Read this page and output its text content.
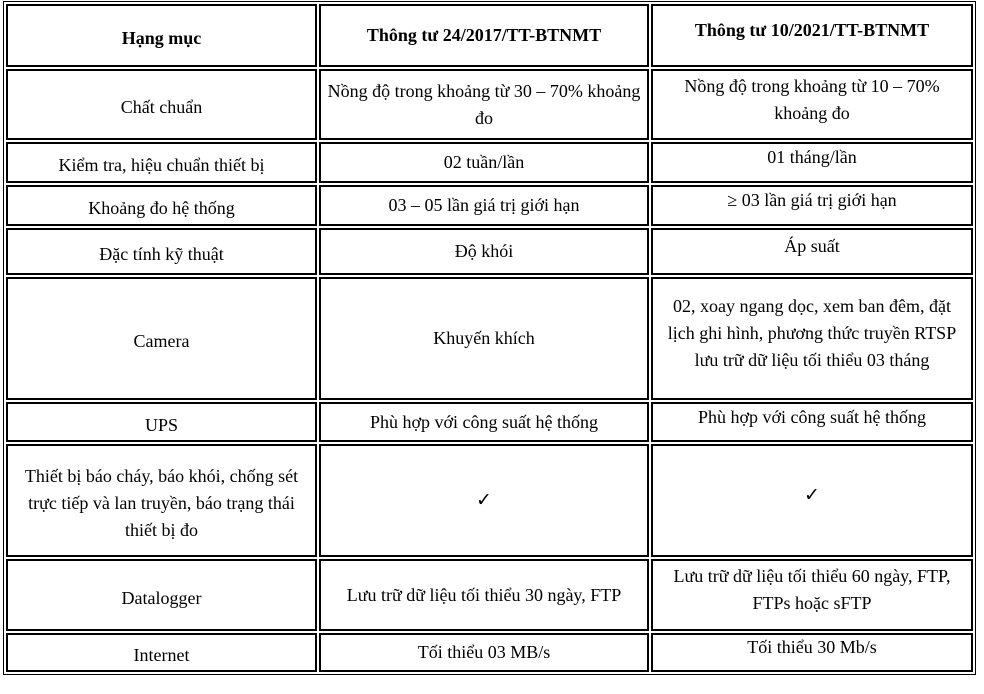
Hạng mục	Thông tư 24/2017/TT-BTNMT	Thông tư 10/2021/TT-BTNMT
Chất chuẩn	Nồng độ trong khoảng từ 30 – 70% khoảng đo	Nồng độ trong khoảng từ 10 – 70% khoảng đo
Kiểm tra, hiệu chuẩn thiết bị	02 tuần/lần	01 tháng/lần
Khoảng đo hệ thống	03 – 05 lần giá trị giới hạn	≥ 03 lần giá trị giới hạn
Đặc tính kỹ thuật	Độ khói	Áp suất
Camera	Khuyến khích	02, xoay ngang dọc, xem ban đêm, đặt lịch ghi hình, phương thức truyền RTSP lưu trữ dữ liệu tối thiểu 03 tháng
UPS	Phù hợp với công suất hệ thống	Phù hợp với công suất hệ thống
Thiết bị báo cháy, báo khói, chống sét trực tiếp và lan truyền, báo trạng thái thiết bị đo	✓	✓
Datalogger	Lưu trữ dữ liệu tối thiểu 30 ngày, FTP	Lưu trữ dữ liệu tối thiểu 60 ngày, FTP, FTPs hoặc sFTP
Internet	Tối thiểu 03 MB/s	Tối thiểu 30 Mb/s
